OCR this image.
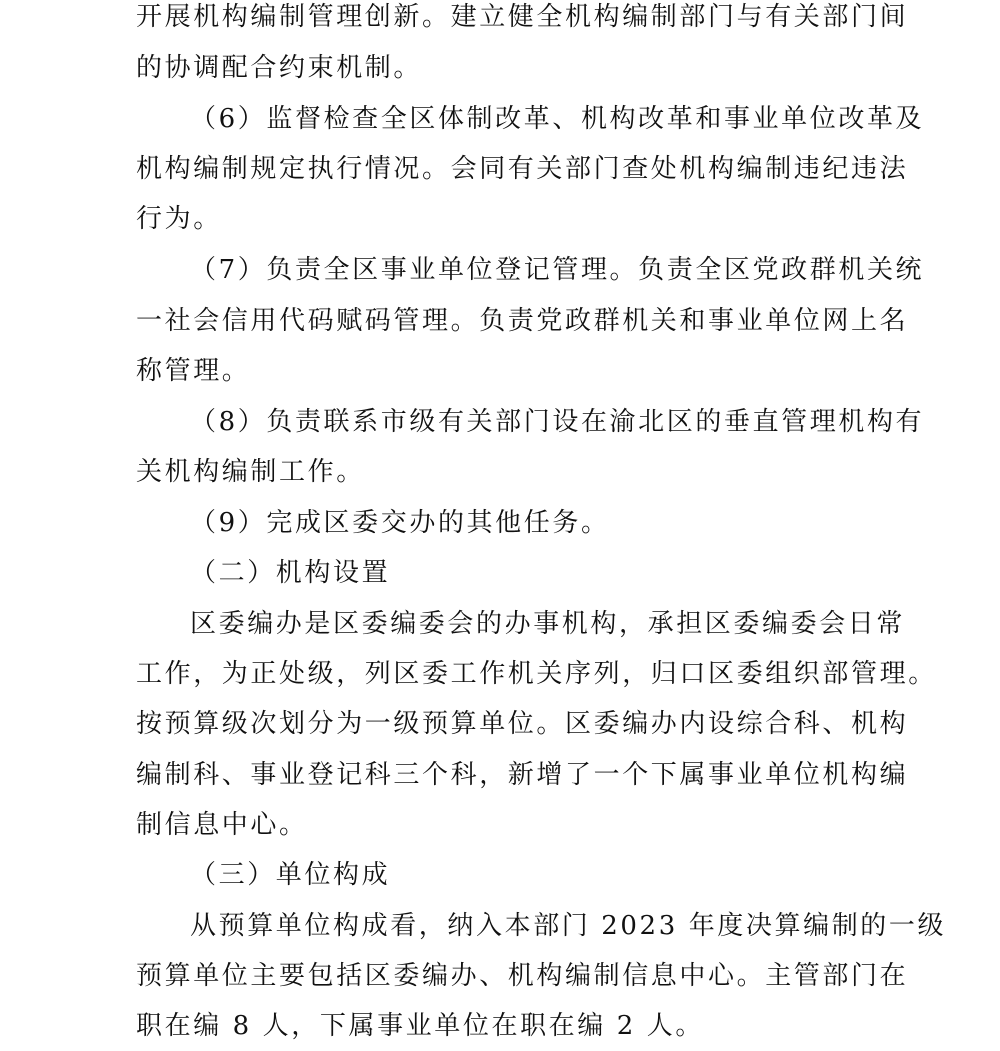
开展机构编制管理创新。建立健全机构编制部门与有关部门间
的协调配合约束机制。
（6）监督检查全区体制改革、机构改革和事业单位改革及
机构编制规定执行情况。会同有关部门查处机构编制违纪违法
行为。
（7）负责全区事业单位登记管理。负责全区党政群机关统
一社会信用代码赋码管理。负责党政群机关和事业单位网上名
称管理。
（8）负责联系市级有关部门设在渝北区的垂直管理机构有
关机构编制工作。
（9）完成区委交办的其他任务。
（二）机构设置
区委编办是区委编委会的办事机构，承担区委编委会日常
工作，为正处级，列区委工作机关序列，归口区委组织部管理。
按预算级次划分为一级预算单位。区委编办内设综合科、机构
编制科、事业登记科三个科，新增了一个下属事业单位机构编
制信息中心。
（三）单位构成
从预算单位构成看，纳入本部门 2023 年度决算编制的一级
预算单位主要包括区委编办、机构编制信息中心。主管部门在
职在编 8 人，下属事业单位在职在编 2 人。
